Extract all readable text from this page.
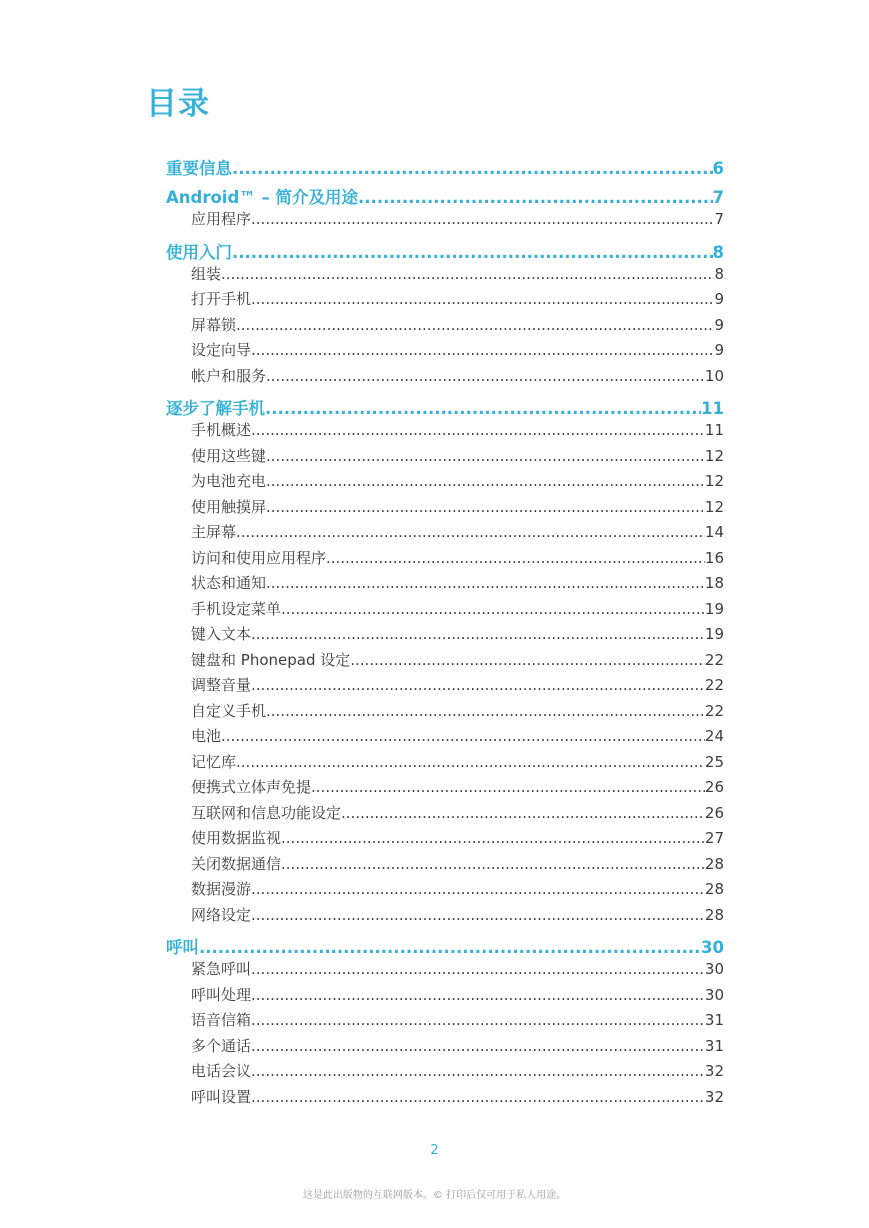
目录
重要信息 .....	6
Android™ – 简介及用途 .....	7
应用程序 .....	7
使用入门 .....	8
组装 .....	8
打开手机 .....	9
屏幕锁 .....	9
设定向导 .....	9
帐户和服务 .....	10
逐步了解手机 .....	11
手机概述 .....	11
使用这些键 .....	12
为电池充电 .....	12
使用触摸屏 .....	12
主屏幕 .....	14
访问和使用应用程序 .....	16
状态和通知 .....	18
手机设定菜单 .....	19
键入文本 .....	19
键盘和 Phonepad 设定 .....	22
调整音量 .....	22
自定义手机 .....	22
电池 .....	24
记忆库 .....	25
便携式立体声免提 .....	26
互联网和信息功能设定 .....	26
使用数据监视 .....	27
关闭数据通信 .....	28
数据漫游 .....	28
网络设定 .....	28
呼叫 .....	30
紧急呼叫 .....	30
呼叫处理 .....	30
语音信箱 .....	31
多个通话 .....	31
电话会议 .....	32
呼叫设置 .....	32
2
这是此出版物的互联网版本。© 打印后仅可用于私人用途。
